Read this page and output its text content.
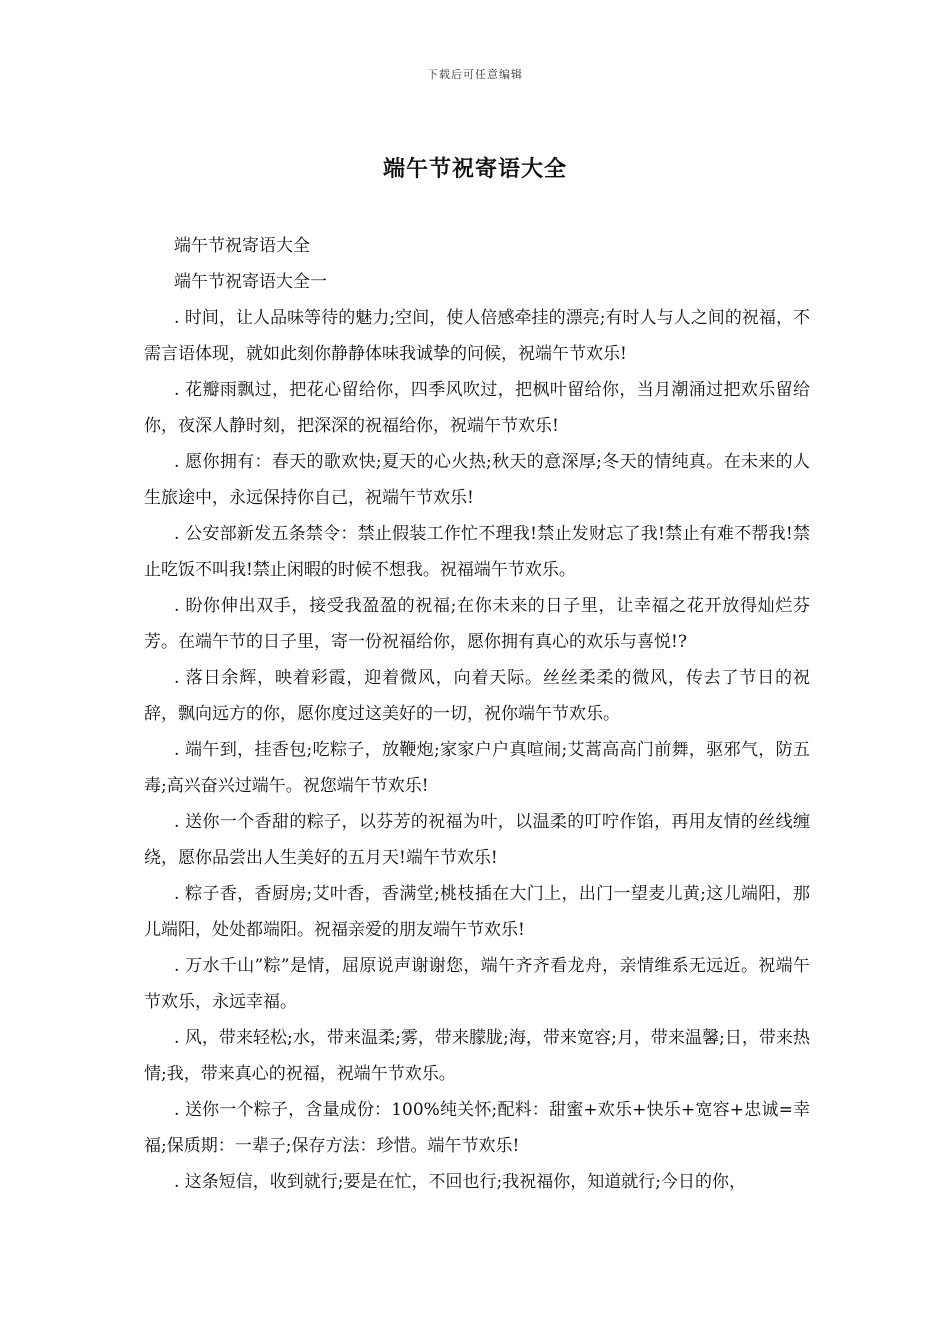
下载后可任意编辑
端午节祝寄语大全

端午节祝寄语大全

端午节祝寄语大全一

. 时间，让人品味等待的魅力;空间，使人倍感牵挂的漂亮;有时人与人之间的祝福，不需言语体现，就如此刻你静静体味我诚挚的问候，祝端午节欢乐!

. 花瓣雨飘过，把花心留给你，四季风吹过，把枫叶留给你，当月潮涌过把欢乐留给你，夜深人静时刻，把深深的祝福给你，祝端午节欢乐!

. 愿你拥有：春天的歌欢快;夏天的心火热;秋天的意深厚;冬天的情纯真。在未来的人生旅途中，永远保持你自己，祝端午节欢乐!

. 公安部新发五条禁令：禁止假装工作忙不理我!禁止发财忘了我!禁止有难不帮我!禁止吃饭不叫我!禁止闲暇的时候不想我。祝福端午节欢乐。

. 盼你伸出双手，接受我盈盈的祝福;在你未来的日子里，让幸福之花开放得灿烂芬芳。在端午节的日子里，寄一份祝福给你，愿你拥有真心的欢乐与喜悦!?

. 落日余辉，映着彩霞，迎着微风，向着天际。丝丝柔柔的微风，传去了节日的祝辞，飘向远方的你，愿你度过这美好的一切，祝你端午节欢乐。

. 端午到，挂香包;吃粽子，放鞭炮;家家户户真喧闹;艾蒿高高门前舞，驱邪气，防五毒;高兴奋兴过端午。祝您端午节欢乐!

. 送你一个香甜的粽子，以芬芳的祝福为叶，以温柔的叮咛作馅，再用友情的丝线缠绕，愿你品尝出人生美好的五月天!端午节欢乐!

. 粽子香，香厨房;艾叶香，香满堂;桃枝插在大门上，出门一望麦儿黄;这儿端阳，那儿端阳，处处都端阳。祝福亲爱的朋友端午节欢乐!

. 万水千山”粽”是情，屈原说声谢谢您，端午齐齐看龙舟，亲情维系无远近。祝端午节欢乐，永远幸福。

. 风，带来轻松;水，带来温柔;雾，带来朦胧;海，带来宽容;月，带来温馨;日，带来热情;我，带来真心的祝福，祝端午节欢乐。

. 送你一个粽子，含量成份：100%纯关怀;配料：甜蜜+欢乐+快乐+宽容+忠诚=幸福;保质期：一辈子;保存方法：珍惜。端午节欢乐!

. 这条短信，收到就行;要是在忙，不回也行;我祝福你，知道就行;今日的你，
